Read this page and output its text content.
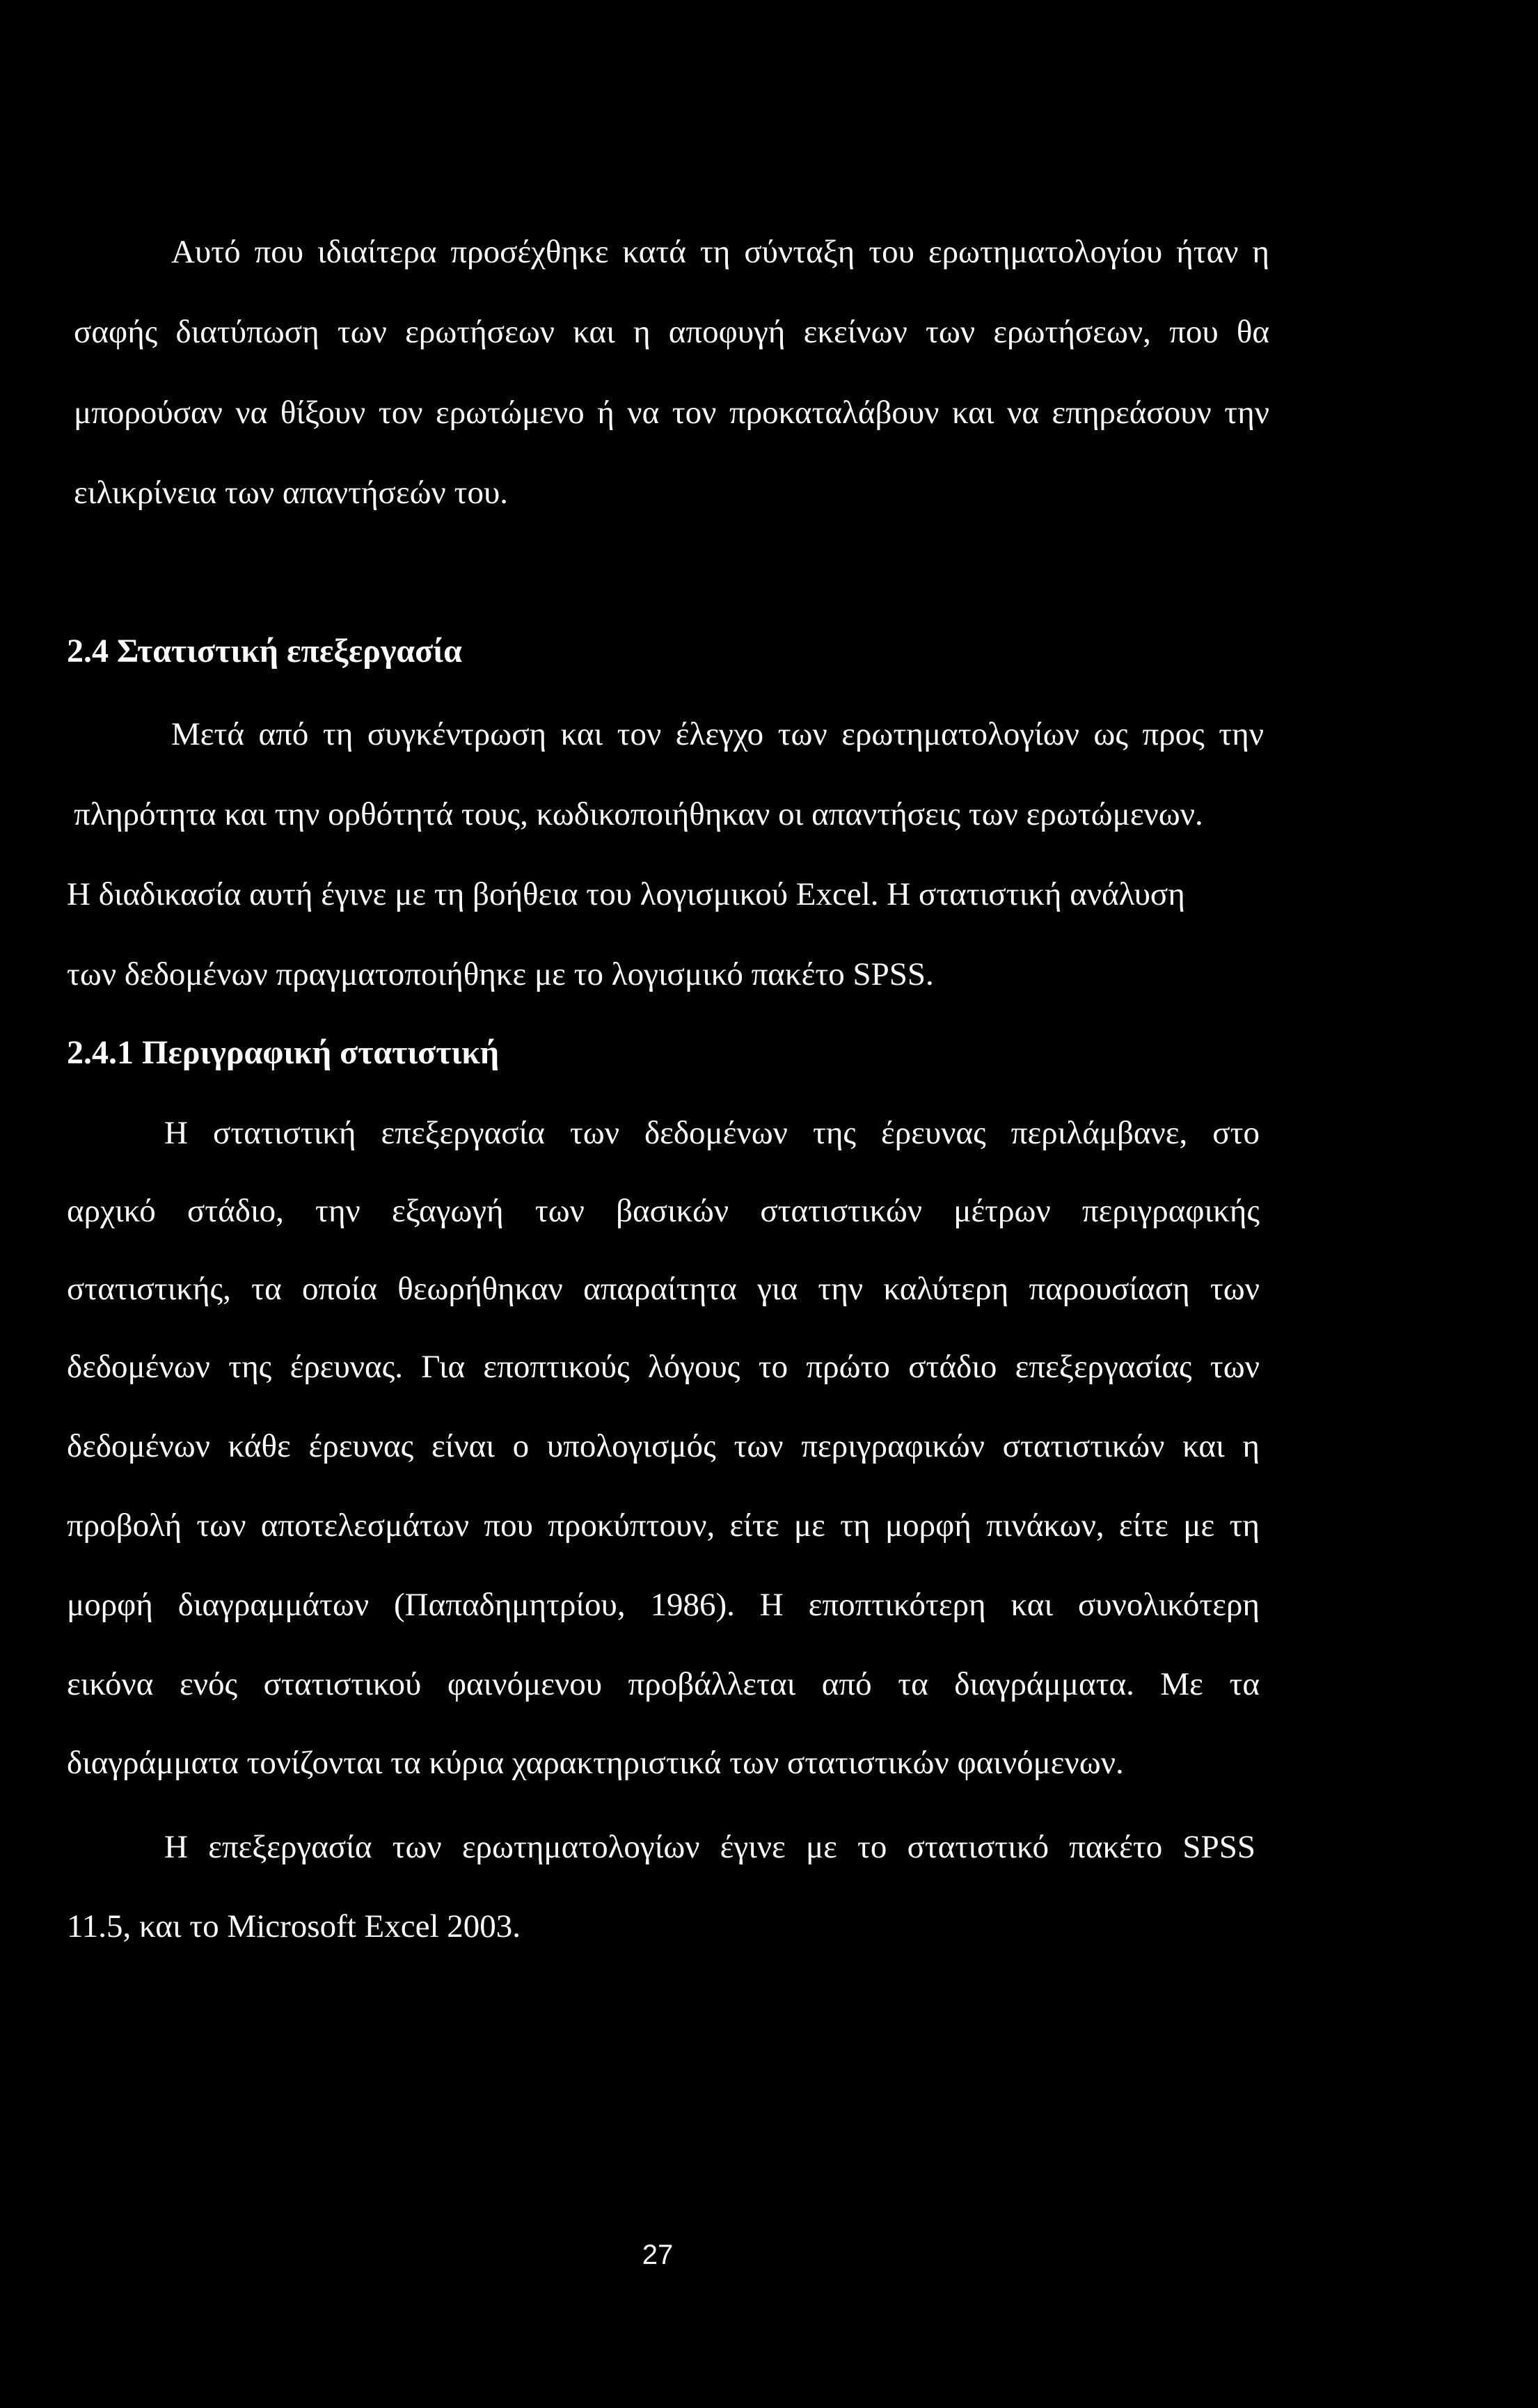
Αυτό που ιδιαίτερα προσέχθηκε κατά τη σύνταξη του ερωτηματολογίου ήταν η

σαφής διατύπωση των ερωτήσεων και η αποφυγή εκείνων των ερωτήσεων, που θα

μπορούσαν να θίξουν τον ερωτώμενο ή να τον προκαταλάβουν και να επηρεάσουν την

ειλικρίνεια των απαντήσεών του.

2.4 Στατιστική επεξεργασία

Μετά από τη συγκέντρωση και τον έλεγχο των ερωτηματολογίων ως προς την

πληρότητα και την ορθότητά τους, κωδικοποιήθηκαν οι απαντήσεις των ερωτώμενων.

Η διαδικασία αυτή έγινε με τη βοήθεια του λογισμικού Excel. Η στατιστική ανάλυση

των δεδομένων πραγματοποιήθηκε με το λογισμικό πακέτο SPSS.

2.4.1 Περιγραφική στατιστική

Η στατιστική επεξεργασία των δεδομένων της έρευνας περιλάμβανε, στο

αρχικό στάδιο, την εξαγωγή των βασικών στατιστικών μέτρων περιγραφικής

στατιστικής, τα οποία θεωρήθηκαν απαραίτητα για την καλύτερη παρουσίαση των

δεδομένων της έρευνας. Για εποπτικούς λόγους το πρώτο στάδιο επεξεργασίας των

δεδομένων κάθε έρευνας είναι ο υπολογισμός των περιγραφικών στατιστικών και η

προβολή των αποτελεσμάτων που προκύπτουν, είτε με τη μορφή πινάκων, είτε με τη

μορφή διαγραμμάτων (Παπαδημητρίου, 1986). Η εποπτικότερη και συνολικότερη

εικόνα ενός στατιστικού φαινόμενου προβάλλεται από τα διαγράμματα. Με τα

διαγράμματα τονίζονται τα κύρια χαρακτηριστικά των στατιστικών φαινόμενων.

Η επεξεργασία των ερωτηματολογίων έγινε με το στατιστικό πακέτο SPSS

11.5, και το Microsoft Excel 2003.

27
